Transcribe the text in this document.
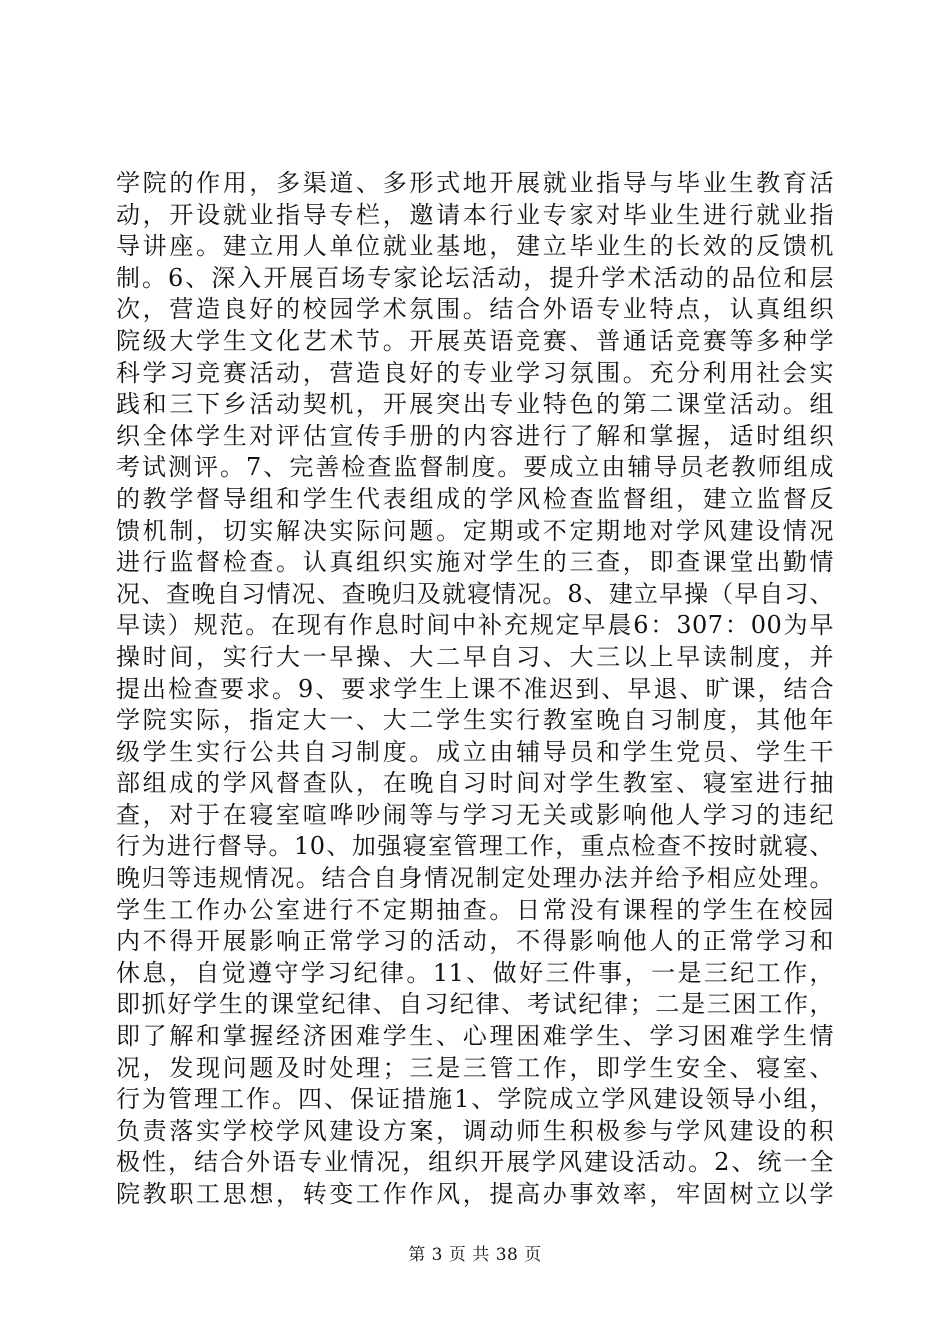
学院的作用，多渠道、多形式地开展就业指导与毕业生教育活
动，开设就业指导专栏，邀请本行业专家对毕业生进行就业指
导讲座。建立用人单位就业基地，建立毕业生的长效的反馈机
制。6、深入开展百场专家论坛活动，提升学术活动的品位和层
次，营造良好的校园学术氛围。结合外语专业特点，认真组织
院级大学生文化艺术节。开展英语竞赛、普通话竞赛等多种学
科学习竞赛活动，营造良好的专业学习氛围。充分利用社会实
践和三下乡活动契机，开展突出专业特色的第二课堂活动。组
织全体学生对评估宣传手册的内容进行了解和掌握，适时组织
考试测评。7、完善检查监督制度。要成立由辅导员老教师组成
的教学督导组和学生代表组成的学风检查监督组，建立监督反
馈机制，切实解决实际问题。定期或不定期地对学风建设情况
进行监督检查。认真组织实施对学生的三查，即查课堂出勤情
况、查晚自习情况、查晚归及就寝情况。8、建立早操（早自习、
早读）规范。在现有作息时间中补充规定早晨6：307：00为早
操时间，实行大一早操、大二早自习、大三以上早读制度，并
提出检查要求。9、要求学生上课不准迟到、早退、旷课，结合
学院实际，指定大一、大二学生实行教室晚自习制度，其他年
级学生实行公共自习制度。成立由辅导员和学生党员、学生干
部组成的学风督查队，在晚自习时间对学生教室、寝室进行抽
查，对于在寝室喧哗吵闹等与学习无关或影响他人学习的违纪
行为进行督导。10、加强寝室管理工作，重点检查不按时就寝、
晚归等违规情况。结合自身情况制定处理办法并给予相应处理。
学生工作办公室进行不定期抽查。日常没有课程的学生在校园
内不得开展影响正常学习的活动，不得影响他人的正常学习和
休息，自觉遵守学习纪律。11、做好三件事，一是三纪工作，
即抓好学生的课堂纪律、自习纪律、考试纪律；二是三困工作，
即了解和掌握经济困难学生、心理困难学生、学习困难学生情
况，发现问题及时处理；三是三管工作，即学生安全、寝室、
行为管理工作。四、保证措施1、学院成立学风建设领导小组，
负责落实学校学风建设方案，调动师生积极参与学风建设的积
极性，结合外语专业情况，组织开展学风建设活动。2、统一全
院教职工思想，转变工作作风，提高办事效率，牢固树立以学
第 3 页 共 38 页
